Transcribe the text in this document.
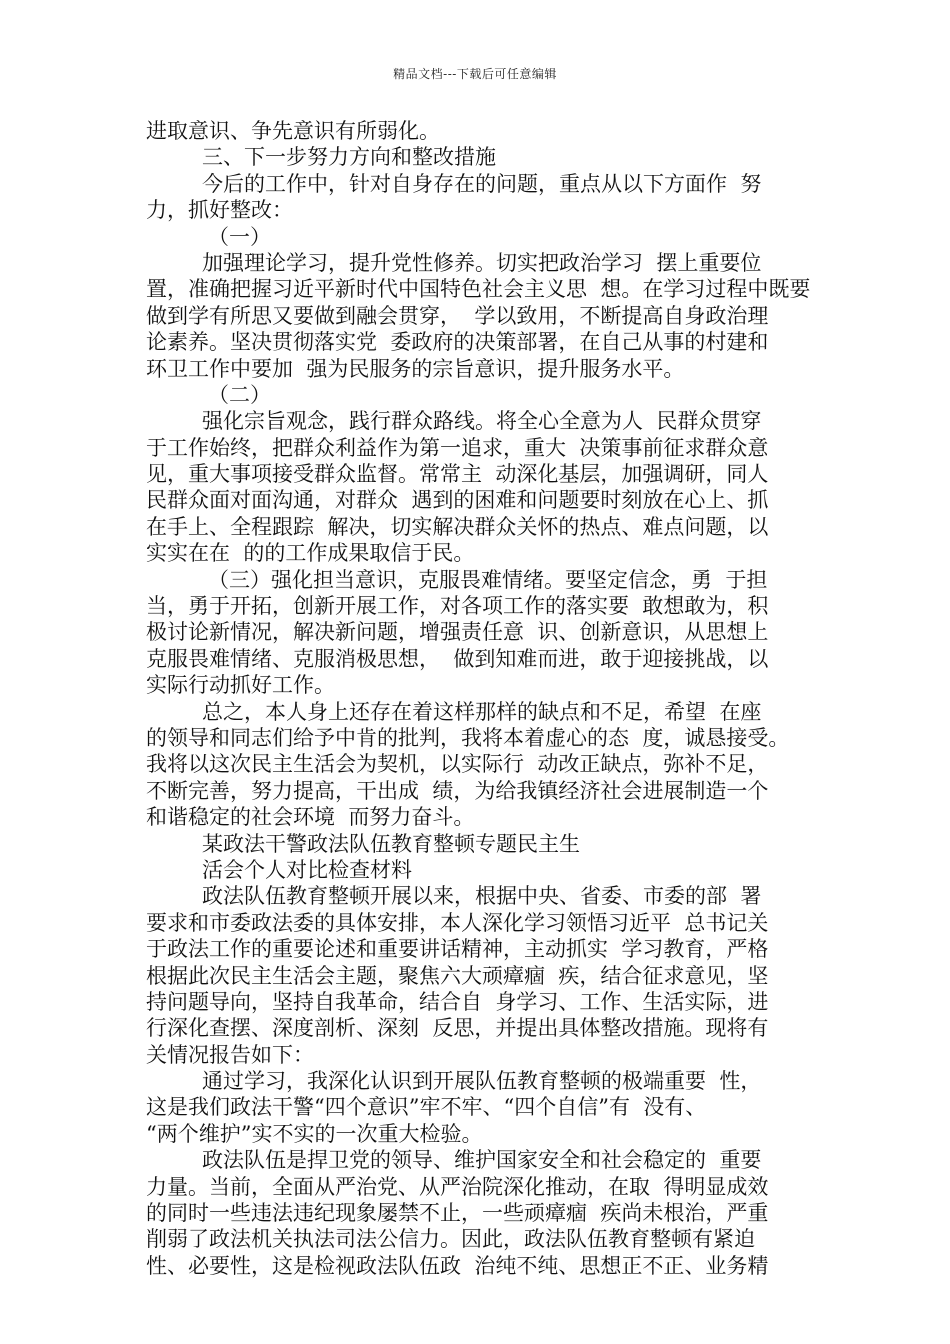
精品文档---下载后可任意编辑
进取意识、争先意识有所弱化。
三、下一步努力方向和整改措施
今后的工作中，针对自身存在的问题，重点从以下方面作  努
力，抓好整改：
（一）
加强理论学习，提升党性修养。切实把政治学习  摆上重要位
置，准确把握习近平新时代中国特色社会主义思  想。在学习过程中既要
做到学有所思又要做到融会贯穿，  学以致用，不断提高自身政治理
论素养。坚决贯彻落实党  委政府的决策部署，在自己从事的村建和
环卫工作中要加  强为民服务的宗旨意识，提升服务水平。
（二）
强化宗旨观念，践行群众路线。将全心全意为人  民群众贯穿
于工作始终，把群众利益作为第一追求，重大  决策事前征求群众意
见，重大事项接受群众监督。常常主  动深化基层，加强调研，同人
民群众面对面沟通，对群众  遇到的困难和问题要时刻放在心上、抓
在手上、全程跟踪  解决，切实解决群众关怀的热点、难点问题，以
实实在在  的的工作成果取信于民。
（三）强化担当意识，克服畏难情绪。要坚定信念，勇  于担
当，勇于开拓，创新开展工作，对各项工作的落实要  敢想敢为，积
极讨论新情况，解决新问题，增强责任意  识、创新意识，从思想上
克服畏难情绪、克服消极思想，  做到知难而进，敢于迎接挑战，以
实际行动抓好工作。
总之，本人身上还存在着这样那样的缺点和不足，希望  在座
的领导和同志们给予中肯的批判，我将本着虚心的态  度，诚恳接受。
我将以这次民主生活会为契机，以实际行  动改正缺点，弥补不足，
不断完善，努力提高，干出成  绩，为给我镇经济社会进展制造一个
和谐稳定的社会环境  而努力奋斗。
某政法干警政法队伍教育整顿专题民主生
活会个人对比检查材料
政法队伍教育整顿开展以来，根据中央、省委、市委的部  署
要求和市委政法委的具体安排，本人深化学习领悟习近平  总书记关
于政法工作的重要论述和重要讲话精神，主动抓实  学习教育，严格
根据此次民主生活会主题，聚焦六大顽瘴痼  疾，结合征求意见，坚
持问题导向，坚持自我革命，结合自  身学习、工作、生活实际，进
行深化查摆、深度剖析、深刻  反思，并提出具体整改措施。现将有
关情况报告如下：
通过学习，我深化认识到开展队伍教育整顿的极端重要  性，
这是我们政法干警“四个意识”牢不牢、“四个自信”有  没有、
“两个维护”实不实的一次重大检验。
政法队伍是捍卫党的领导、维护国家安全和社会稳定的  重要
力量。当前，全面从严治党、从严治院深化推动，在取  得明显成效
的同时一些违法违纪现象屡禁不止，一些顽瘴痼  疾尚未根治，严重
削弱了政法机关执法司法公信力。因此，政法队伍教育整顿有紧迫
性、必要性，这是检视政法队伍政  治纯不纯、思想正不正、业务精
